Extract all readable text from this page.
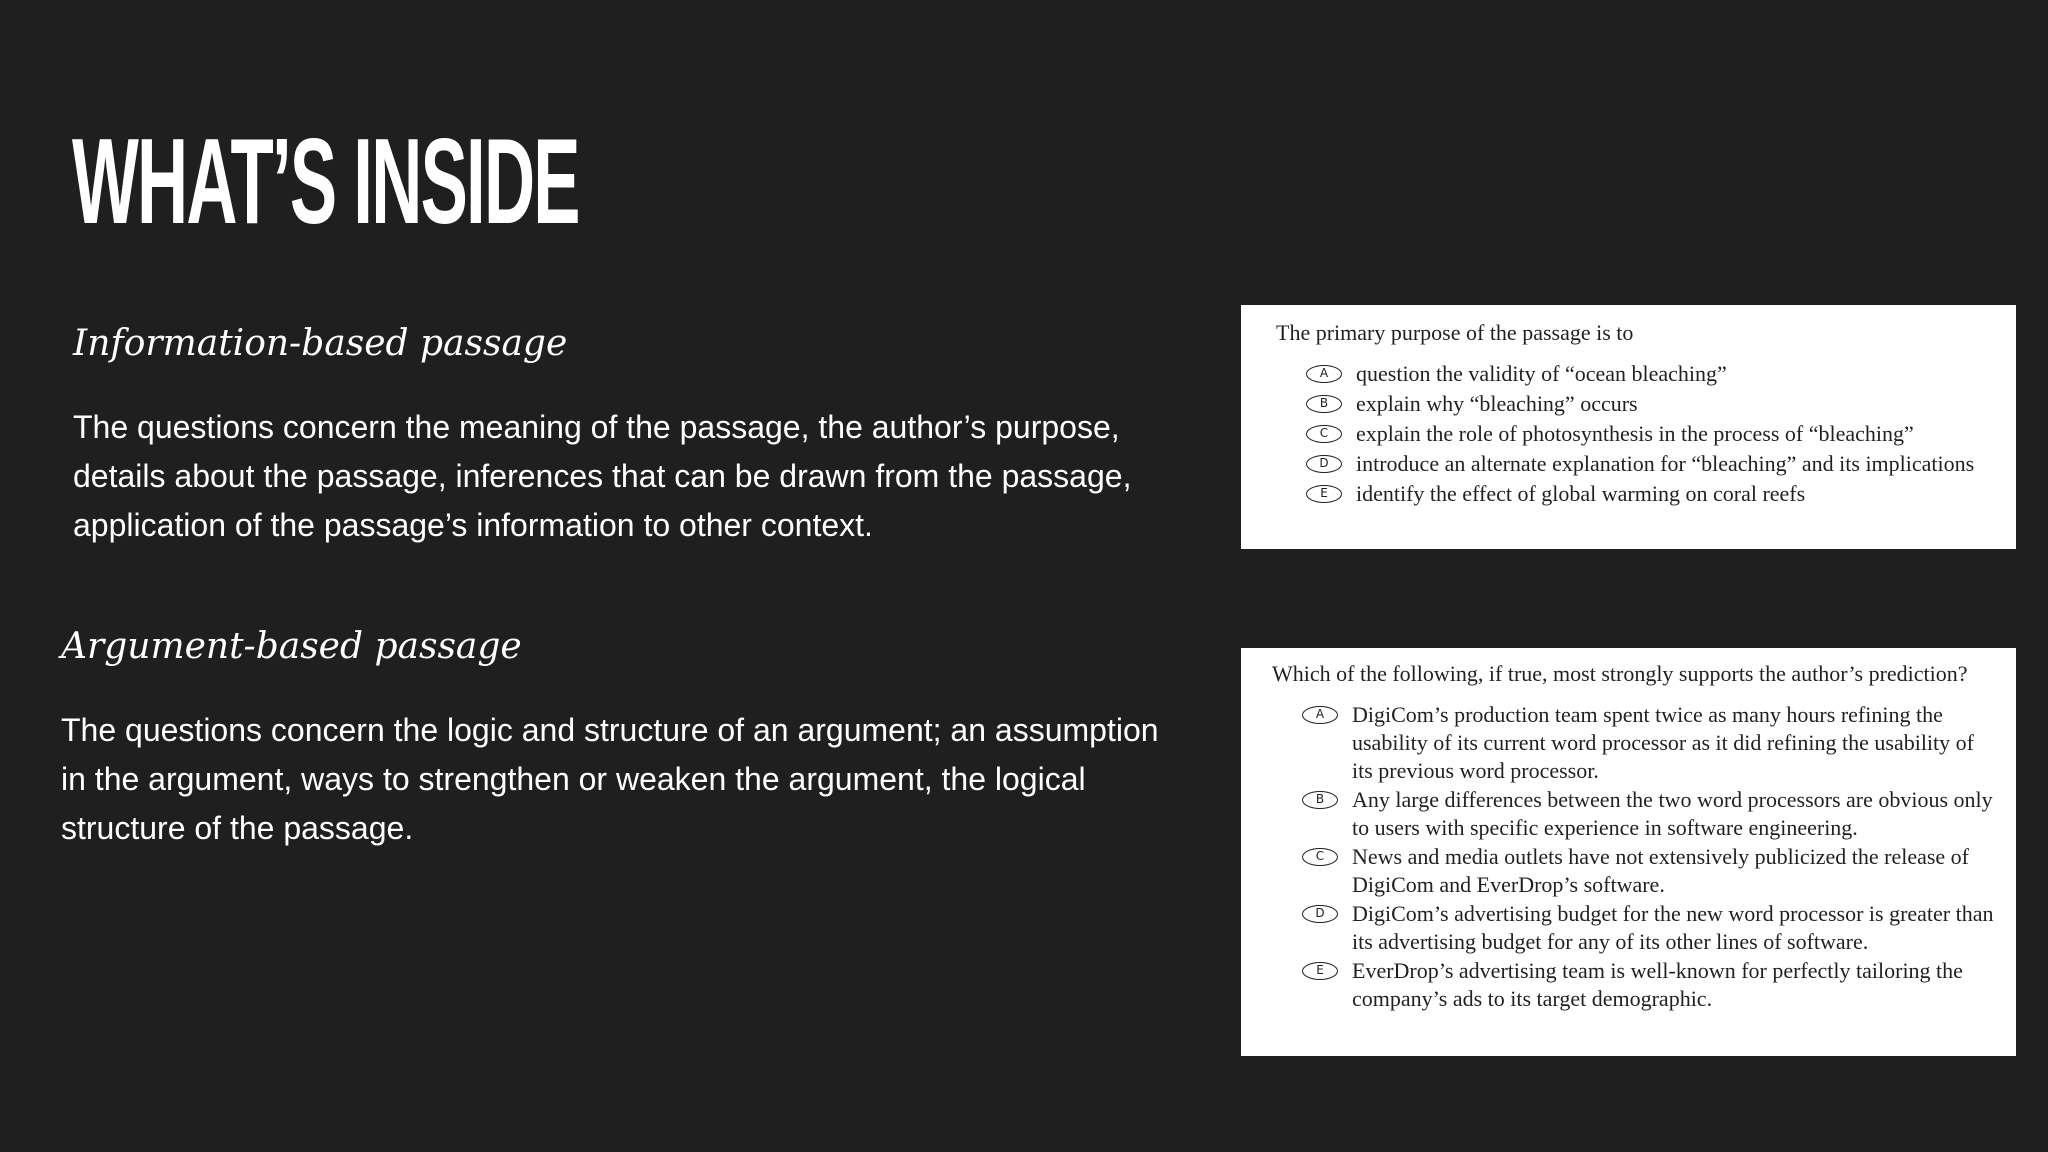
WHAT’S INSIDE
Information-based passage

The questions concern the meaning of the passage, the author’s purpose, details about the passage, inferences that can be drawn from the passage, application of the passage’s information to other context.

Argument-based passage

The questions concern the logic and structure of an argument; an assumption in the argument, ways to strengthen or weaken the argument, the logical structure of the passage.

The primary purpose of the passage is to

A	question the validity of “ocean bleaching”
B	explain why “bleaching” occurs
C	explain the role of photosynthesis in the process of “bleaching”
D	introduce an alternate explanation for “bleaching” and its implications
E	identify the effect of global warming on coral reefs

Which of the following, if true, most strongly supports the author’s prediction?

A	DigiCom’s production team spent twice as many hours refining the usability of its current word processor as it did refining the usability of its previous word processor.
B	Any large differences between the two word processors are obvious only to users with specific experience in software engineering.
C	News and media outlets have not extensively publicized the release of DigiCom and EverDrop’s software.
D	DigiCom’s advertising budget for the new word processor is greater than its advertising budget for any of its other lines of software.
E	EverDrop’s advertising team is well-known for perfectly tailoring the company’s ads to its target demographic.
